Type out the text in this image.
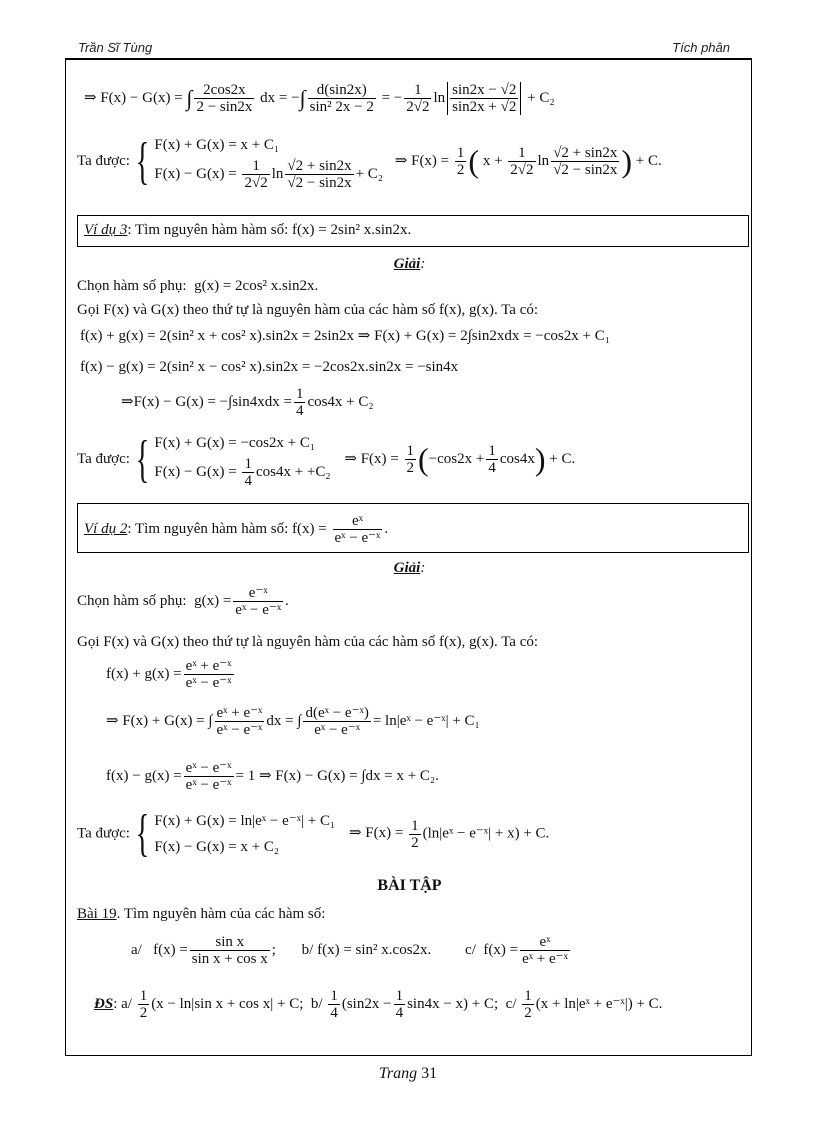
Trần Sĩ Tùng	Tích phân
⇒ F(x) − G(x) = ∫ $\frac{2\cos 2x}{2 - \sin 2x}$ dx = −∫ $\frac{d(\sin 2x)}{\text{sin² 2x − 2}}$ = − $\frac{1}{2√2}$ $\ln \frac{\sin 2x - √2}{\sin 2x + √2} + C_2$
Ta được: { F(x) + G(x) = x + C₁
$F(x) - G(x) = \frac{1}{2√2}$ $\ln \frac{√2 + \sin 2x}{√2 - \sin 2x} + C_2$
⇒ $F(x) = \frac{1}{2}$ ( $x + \frac{1}{2√2}$ $\ln \frac{√2 + \sin 2x}{√2 - \sin 2x}$ ) + C.
Ví dụ 3: Tìm nguyên hàm hàm số: f(x) = 2sin² x.sin2x.
Giải:
Chọn hàm số phụ: g(x) = 2cos² x.sin2x.
Gọi F(x) và G(x) theo thứ tự là nguyên hàm của các hàm số f(x), g(x). Ta có:
f(x) + g(x) = 2(sin² x + cos² x).sin2x = 2sin2x ⇒ F(x) + G(x) = 2∫sin2xdx = −cos2x + C₁
f(x) − g(x) = 2(sin² x − cos² x).sin2x = −2cos2x.sin2x = −sin4x
⇒F(x) − $G(x) = -\int\sin 4xdx = \frac{1}{4} \cos 4x + C_2$
Ta được: { F(x) + G(x) = −cos2x + C₁
$F(x) - G(x) = \frac{1}{4} \cos 4x + +C_2$
⇒ $F(x) = \frac{1}{2} (-\cos 2x + \frac{1}{4} \cos 4x) + C$.
Ví dụ 2: Tìm nguyên hàm hàm số: $f(x) = \frac{\text{eˣ}}{\text{eˣ − e⁻ˣ}}$ .
Giải:
Chọn hàm số phụ: $g(x) = \frac{\text{e⁻ˣ}}{\text{eˣ − e⁻ˣ}}$ .
Gọi F(x) và G(x) theo thứ tự là nguyên hàm của các hàm số f(x), g(x). Ta có:
$f(x) + g(x) = \frac{\text{eˣ + e⁻ˣ}}{\text{eˣ − e⁻ˣ}}$
⇒ F(x) + G(x) = ∫ $\frac{\text{eˣ + e⁻ˣ}}{\text{eˣ − e⁻ˣ}}$ dx = ∫ $\frac{\text{d(eˣ − e⁻ˣ)}}{\text{eˣ − e⁻ˣ}}$ = ln|eˣ − e⁻ˣ| + C₁
$f(x) - g(x) = \frac{\text{eˣ − e⁻ˣ}}{\text{eˣ − e⁻ˣ}} = 1$ ⇒ F(x) − G(x) = ∫dx = x + C₂.
Ta được: { F(x) + G(x) = ln|eˣ − e⁻ˣ| + C₁
F(x) − G(x) = x + C₂
⇒ $F(x) = \frac{1}{2}$ (ln|eˣ − e⁻ˣ| + x) + C.
BÀI TẬP
Bài 19. Tìm nguyên hàm của các hàm số:
a/ $f(x) = \frac{\text{sin x}}{\text{sin x + cos x}}$ ; b/ f(x) = sin² x.cos2x. c/ $f(x) = \frac{\text{eˣ}}{\text{eˣ + e⁻ˣ}}$
ĐS: $a/ \frac{1}{2} (x - \ln|\sin$ x + cos x| + C; $b/ \frac{1}{4} (\sin 2x - \frac{1}{4} \sin 4x - x) + C$; $c/ \frac{1}{2} (x$ + ln|eˣ + e⁻ˣ|) + C.
Trang 31
